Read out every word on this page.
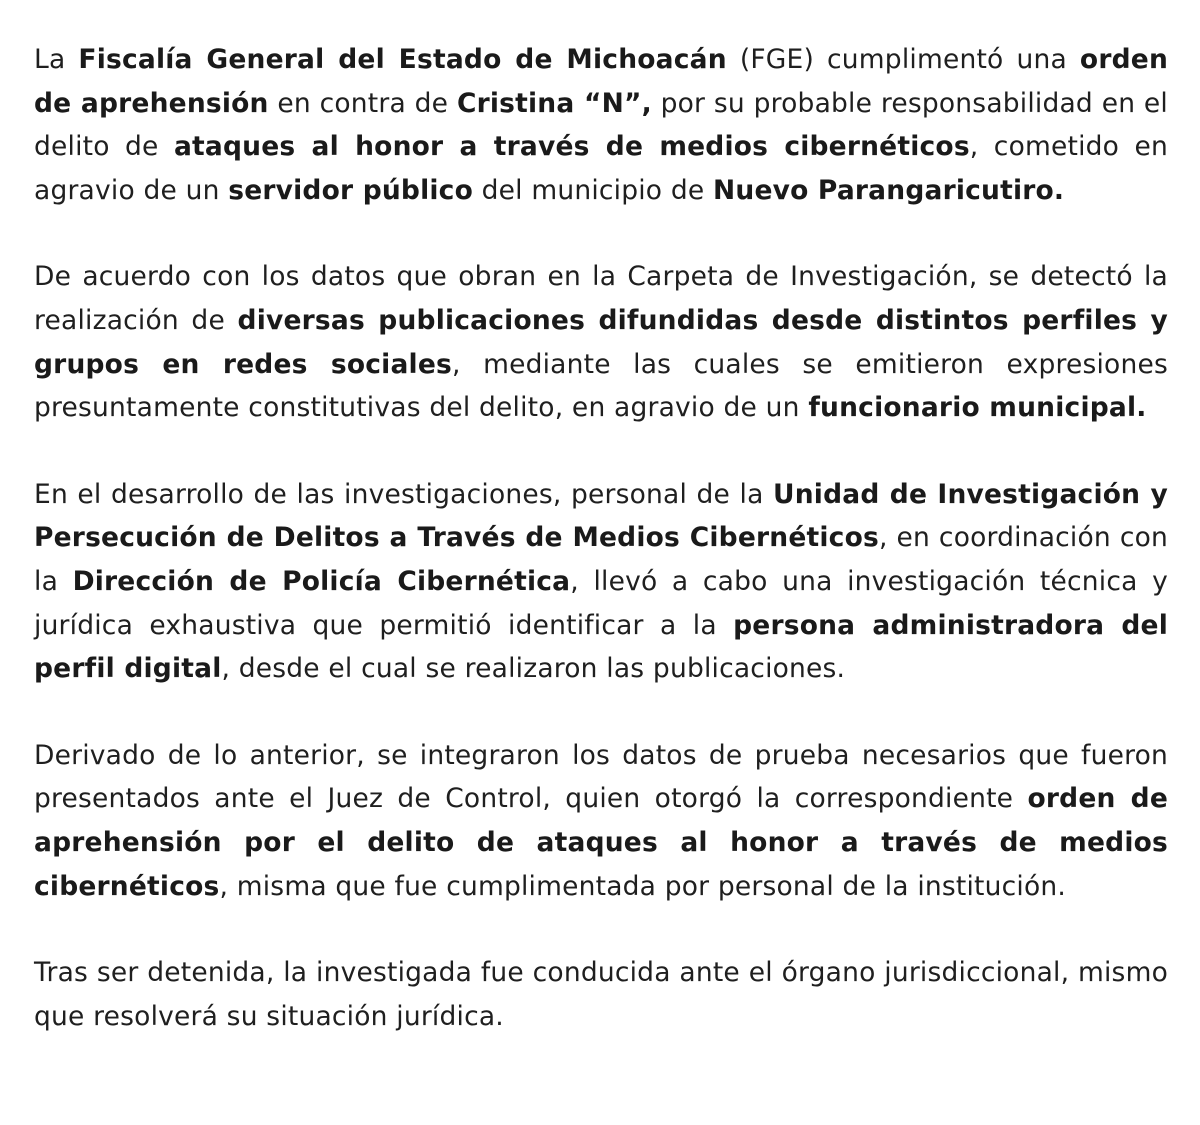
La Fiscalía General del Estado de Michoacán (FGE) cumplimentó una orden de aprehensión en contra de Cristina “N”, por su probable responsabilidad en el delito de ataques al honor a través de medios cibernéticos, cometido en agravio de un servidor público del municipio de Nuevo Parangaricutiro.

De acuerdo con los datos que obran en la Carpeta de Investigación, se detectó la realización de diversas publicaciones difundidas desde distintos perfiles y grupos en redes sociales, mediante las cuales se emitieron expresiones presuntamente constitutivas del delito, en agravio de un funcionario municipal.

En el desarrollo de las investigaciones, personal de la Unidad de Investigación y Persecución de Delitos a Través de Medios Cibernéticos, en coordinación con la Dirección de Policía Cibernética, llevó a cabo una investigación técnica y jurídica exhaustiva que permitió identificar a la persona administradora del perfil digital, desde el cual se realizaron las publicaciones.

Derivado de lo anterior, se integraron los datos de prueba necesarios que fueron presentados ante el Juez de Control, quien otorgó la correspondiente orden de aprehensión por el delito de ataques al honor a través de medios cibernéticos, misma que fue cumplimentada por personal de la institución.

Tras ser detenida, la investigada fue conducida ante el órgano jurisdiccional, mismo que resolverá su situación jurídica.
